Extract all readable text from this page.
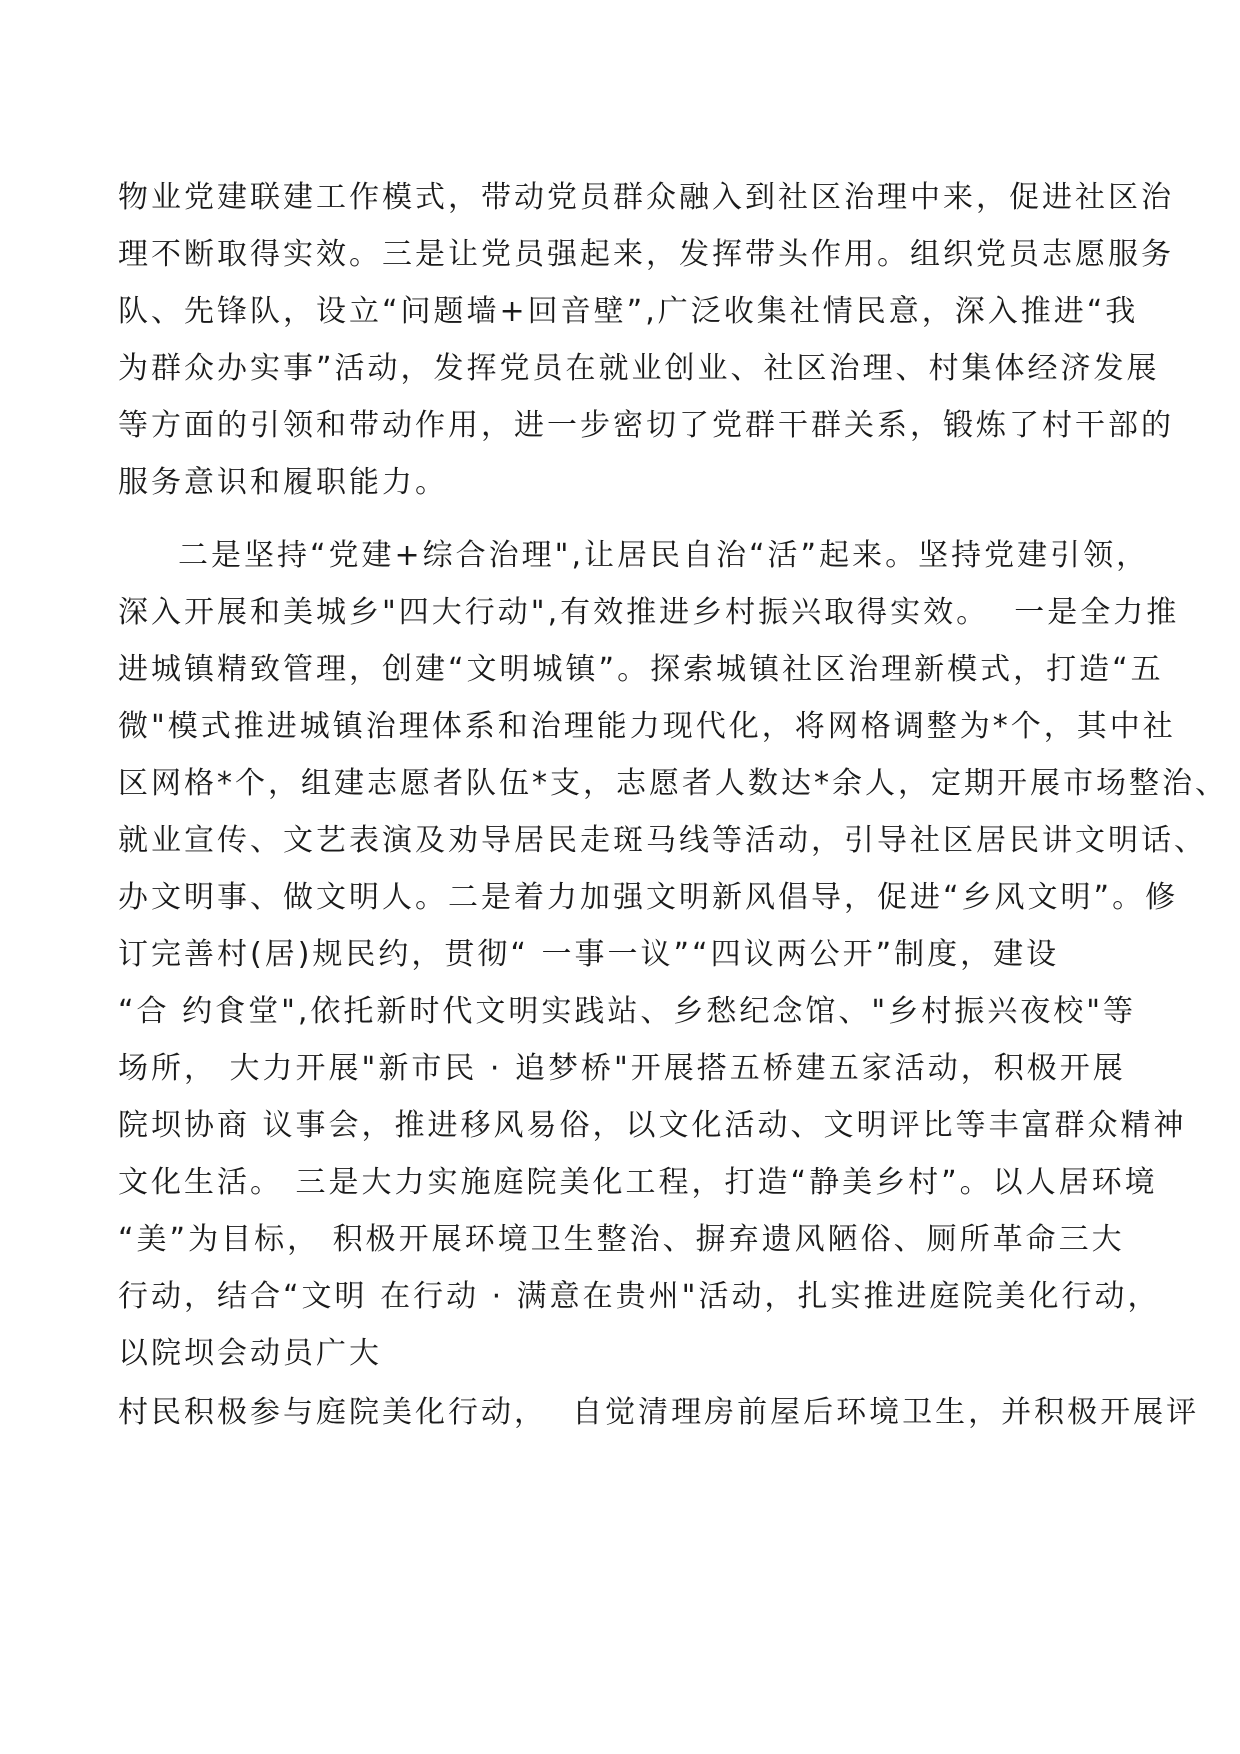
物业党建联建工作模式，带动党员群众融入到社区治理中来，促进社区治
理不断取得实效。三是让党员强起来，发挥带头作用。组织党员志愿服务
队、先锋队，设立“问题墙+回音壁”,广泛收集社情民意，深入推进“我
为群众办实事”活动，发挥党员在就业创业、社区治理、村集体经济发展
等方面的引领和带动作用，进一步密切了党群干群关系，锻炼了村干部的
服务意识和履职能力。
二是坚持“党建+综合治理",让居民自治“活”起来。坚持党建引领，
深入开展和美城乡"四大行动",有效推进乡村振兴取得实效。  一是全力推
进城镇精致管理，创建“文明城镇”。探索城镇社区治理新模式，打造“五
微"模式推进城镇治理体系和治理能力现代化，将网格调整为*个，其中社
区网格*个，组建志愿者队伍*支，志愿者人数达*余人，定期开展市场整治、
就业宣传、文艺表演及劝导居民走斑马线等活动，引导社区居民讲文明话、
办文明事、做文明人。二是着力加强文明新风倡导，促进“乡风文明”。修
订完善村(居)规民约，贯彻“ 一事一议”“四议两公开”制度，建设
“合 约食堂",依托新时代文明实践站、乡愁纪念馆、"乡村振兴夜校"等
场所， 大力开展"新市民 · 追梦桥"开展搭五桥建五家活动，积极开展
院坝协商 议事会，推进移风易俗，以文化活动、文明评比等丰富群众精神
文化生活。 三是大力实施庭院美化工程，打造“静美乡村”。以人居环境
“美”为目标， 积极开展环境卫生整治、摒弃遗风陋俗、厕所革命三大
行动，结合“文明 在行动 · 满意在贵州"活动，扎实推进庭院美化行动，
以院坝会动员广大
村民积极参与庭院美化行动，  自觉清理房前屋后环境卫生，并积极开展评
